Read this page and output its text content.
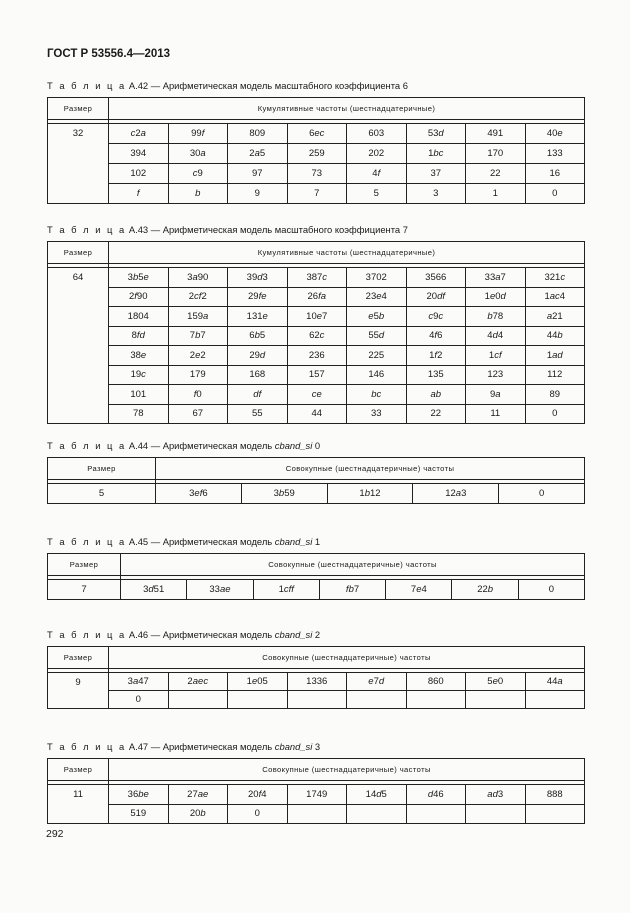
ГОСТ Р 53556.4—2013
Т а б л и ц а A.42 — Арифметическая модель масштабного коэффициента 6
Размер	Кумулятивные частоты (шестнадцатеричные)							

32	c2a	99f	809	6ec	603	53d	491	40e
	394	30a	2a5	259	202	1bc	170	133
	102	c9	97	73	4f	37	22	16
	f	b	9	7	5	3	1	0
Т а б л и ц а A.43 — Арифметическая модель масштабного коэффициента 7
Размер	Кумулятивные частоты (шестнадцатеричные)							

64	3b5e	3a90	39d3	387c	3702	3566	33a7	321c
	2f90	2cf2	29fe	26fa	23e4	20df	1e0d	1ac4
	1804	159a	131e	10e7	e5b	c9c	b78	a21
	8fd	7b7	6b5	62c	55d	4f6	4d4	44b
	38e	2e2	29d	236	225	1f2	1cf	1ad
	19c	179	168	157	146	135	123	112
	101	f0	df	ce	bc	ab	9a	89
	78	67	55	44	33	22	11	0
Т а б л и ц а A.44 — Арифметическая модель cband_si 0
Размер	Совокупные (шестнадцатеричные) частоты				

5	3ef6	3b59	1b12	12a3	0
Т а б л и ц а A.45 — Арифметическая модель cband_si 1
Размер	Совокупные (шестнадцатеричные) частоты						

7	3d51	33ae	1cff	fb7	7e4	22b	0
Т а б л и ц а A.46 — Арифметическая модель cband_si 2
Размер	Совокупные (шестнадцатеричные) частоты							

9	3a47	2aec	1e05	1336	e7d	860	5e0	44a
	0							
Т а б л и ц а A.47 — Арифметическая модель cband_si 3
Размер	Совокупные (шестнадцатеричные) частоты							

11	36be	27ae	20f4	1749	14d5	d46	ad3	888
	519	20b	0					
292
